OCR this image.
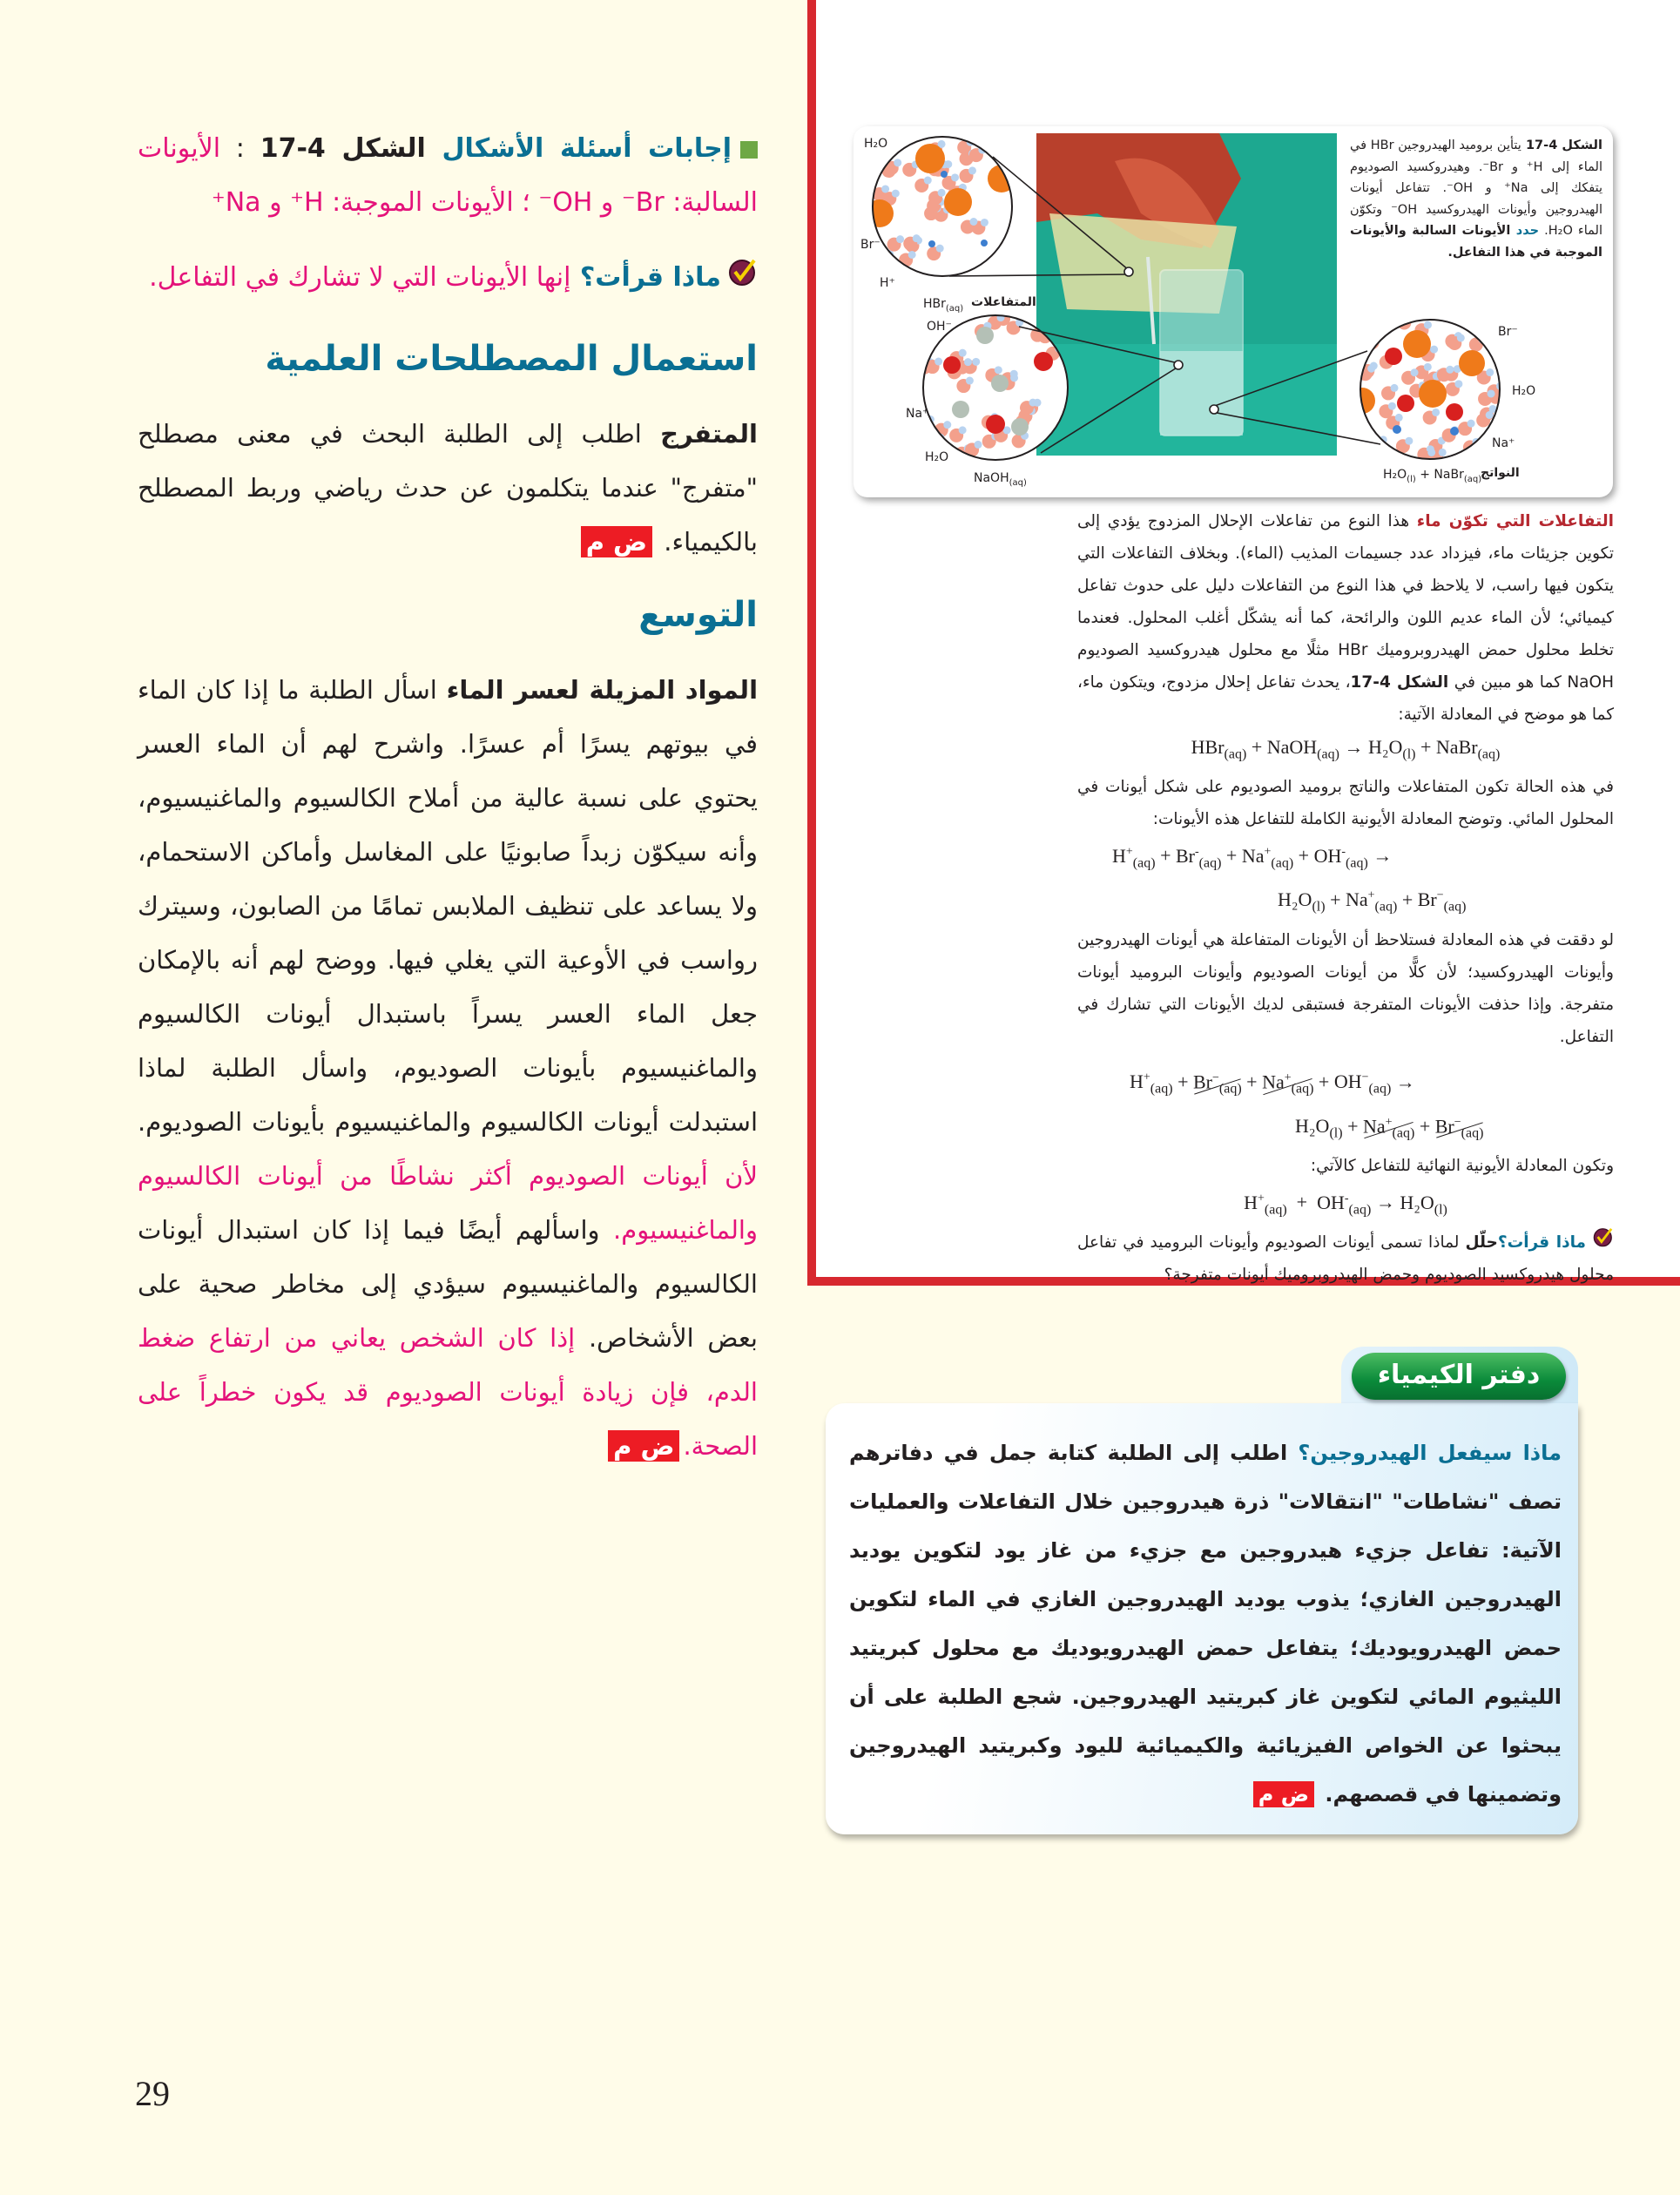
إجابات أسئلة الأشكال الشكل 4-17 : الأيونات السالبة: Br⁻ و OH⁻ ؛ الأيونات الموجبة: H⁺ و Na⁺
ماذا قرأت؟ إنها الأيونات التي لا تشارك في التفاعل.
استعمال المصطلحات العلمية
المتفرج اطلب إلى الطلبة البحث في معنى مصطلح "متفرج" عندما يتكلمون عن حدث رياضي وربط المصطلح بالكيمياء. ض م
التوسع
المواد المزيلة لعسر الماء اسأل الطلبة ما إذا كان الماء في بيوتهم يسرًا أم عسرًا. واشرح لهم أن الماء العسر يحتوي على نسبة عالية من أملاح الكالسيوم والماغنيسيوم، وأنه سيكوّن زبداً صابونيًا على المغاسل وأماكن الاستحمام، ولا يساعد على تنظيف الملابس تمامًا من الصابون، وسيترك رواسب في الأوعية التي يغلي فيها. ووضح لهم أنه بالإمكان جعل الماء العسر يسراً باستبدال أيونات الكالسيوم والماغنيسيوم بأيونات الصوديوم، واسأل الطلبة لماذا استبدلت أيونات الكالسيوم والماغنيسيوم بأيونات الصوديوم. لأن أيونات الصوديوم أكثر نشاطًا من أيونات الكالسيوم والماغنيسيوم. واسألهم أيضًا فيما إذا كان استبدال أيونات الكالسيوم والماغنيسيوم سيؤدي إلى مخاطر صحية على بعض الأشخاص. إذا كان الشخص يعاني من ارتفاع ضغط الدم، فإن زيادة أيونات الصوديوم قد يكون خطراً على الصحة.ض م
H₂O
Br⁻
H⁺
HBr$_{(aq)}$ المتفاعلات
OH⁻
Na⁺
H₂O
NaOH$_{(aq)}$
Br⁻
H₂O
Na⁺
$H_2O_{(l)}$ + NaBr$_{(aq)}$
النواتج
الشكل 4-17 يتأين بروميد الهيدروجين HBr في الماء إلى H⁺ و Br⁻. وهيدروكسيد الصوديوم يتفكك إلى Na⁺ و OH⁻. تتفاعل أيونات الهيدروجين وأيونات الهيدروكسيد OH⁻ وتكوّن الماء H₂O. حدد الأيونات السالبة والأيونات الموجبة في هذا التفاعل.
التفاعلات التي تكوّن ماء هذا النوع من تفاعلات الإحلال المزدوج يؤدي إلى تكوين جزيئات ماء، فيزداد عدد جسيمات المذيب (الماء). وبخلاف التفاعلات التي يتكون فيها راسب، لا يلاحظ في هذا النوع من التفاعلات دليل على حدوث تفاعل كيميائي؛ لأن الماء عديم اللون والرائحة، كما أنه يشكّل أغلب المحلول. فعندما تخلط محلول حمض الهيدروبروميك HBr مثلًا مع محلول هيدروكسيد الصوديوم NaOH كما هو مبين في الشكل 4-17، يحدث تفاعل إحلال مزدوج، ويتكون ماء، كما هو موضح في المعادلة الآتية:
HBr$_{(aq)}$ + NaOH$_{(aq)}$ → $H_2O_{(l)}$ + NaBr$_{(aq)}$
في هذه الحالة تكون المتفاعلات والناتج بروميد الصوديوم على شكل أيونات في المحلول المائي. وتوضح المعادلة الأيونية الكاملة للتفاعل هذه الأيونات:
$H^+_{(aq)} + Br^-_{(aq)} + Na^+_{(aq)} + OH^-_{(aq)}$ →
$H_2O_{(l)} + Na^+_{(aq)} + Br^-_{(aq)}$
لو دققت في هذه المعادلة فستلاحظ أن الأيونات المتفاعلة هي أيونات الهيدروجين وأيونات الهيدروكسيد؛ لأن كلًّا من أيونات الصوديوم وأيونات البروميد أيونات متفرجة. وإذا حذفت الأيونات المتفرجة فستبقى لديك الأيونات التي تشارك في التفاعل.
$H^+_{(aq)} + Br^-_{(aq)} + Na^+_{(aq)} + OH^-_{(aq)}$ →
$H_2O_{(l)} + Na^+_{(aq)} + Br^-_{(aq)}$
وتكون المعادلة الأيونية النهائية للتفاعل كالآتي:
$H^+_{(aq)} + OH^-_{(aq)} \to H_2O_{(l)}$
ماذا قرأت؟حلّل لماذا تسمى أيونات الصوديوم وأيونات البروميد في تفاعل محلول هيدروكسيد الصوديوم وحمض الهيدروبروميك أيونات متفرجة؟
دفتر الكيمياء
ماذا سيفعل الهيدروجين؟ اطلب إلى الطلبة كتابة جمل في دفاترهم تصف "نشاطات" "انتقالات" ذرة هيدروجين خلال التفاعلات والعمليات الآتية: تفاعل جزيء هيدروجين مع جزيء من غاز يود لتكوين يوديد الهيدروجين الغازي؛ يذوب يوديد الهيدروجين الغازي في الماء لتكوين حمض الهيدرويوديك؛ يتفاعل حمض الهيدرويوديك مع محلول كبريتيد الليثيوم المائي لتكوين غاز كبريتيد الهيدروجين. شجع الطلبة على أن يبحثوا عن الخواص الفيزيائية والكيميائية لليود وكبريتيد الهيدروجين وتضمينها في قصصهم. ض م
29
